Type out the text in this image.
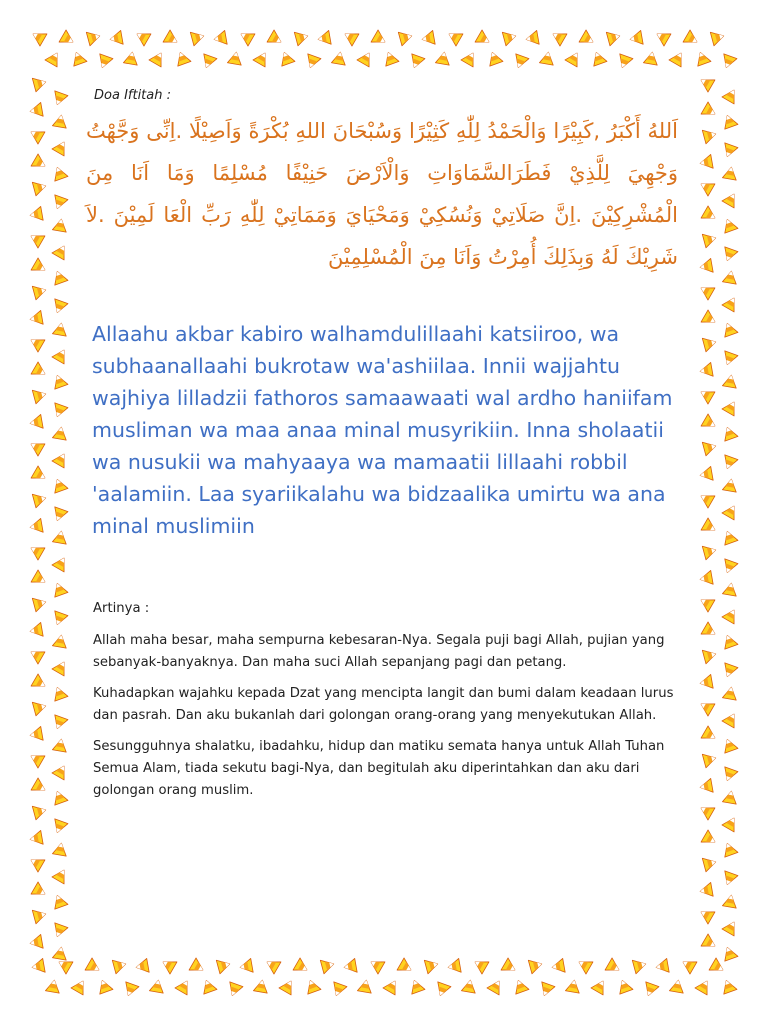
Doa Iftitah :

اَللهُ أَكْبَرُ ,كَبِيْرًا وَالْحَمْدُ لِلّٰهِ كَثِيْرًا وَسُبْحَانَ اللهِ بُكْرَةً وَاَصِيْلًا .اِنِّى وَجَّهْتُ وَجْهِيَ لِلَّذِيْ فَطَرَالسَّمَاوَاتِ وَالْاَرْضَ حَنِيْفًا مُسْلِمًا وَمَا اَنَا مِنَ الْمُشْرِكِيْنَ .اِنَّ صَلَاتِيْ وَنُسُكِيْ وَمَحْيَايَ وَمَمَاتِيْ لِلّٰهِ رَبِّ الْعَا لَمِيْنَ .لاَ شَرِيْكَ لَهُ وَبِذَلِكَ أُمِرْتُ وَاَنَا مِنَ الْمُسْلِمِيْنَ

Allaahu akbar kabiro walhamdulillaahi katsiiroo, wa subhaanallaahi bukrotaw wa'ashiilaa. Innii wajjahtu wajhiya lilladzii fathoros samaawaati wal ardho haniifam musliman wa maa anaa minal musyrikiin. Inna sholaatii wa nusukii wa mahyaaya wa mamaatii lillaahi robbil 'aalamiin. Laa syariikalahu wa bidzaalika umirtu wa ana minal muslimiin

Artinya :

Allah maha besar, maha sempurna kebesaran-Nya. Segala puji bagi Allah, pujian yang sebanyak-banyaknya. Dan maha suci Allah sepanjang pagi dan petang.

Kuhadapkan wajahku kepada Dzat yang mencipta langit dan bumi dalam keadaan lurus dan pasrah. Dan aku bukanlah dari golongan orang-orang yang menyekutukan Allah.

Sesungguhnya shalatku, ibadahku, hidup dan matiku semata hanya untuk Allah Tuhan Semua Alam, tiada sekutu bagi-Nya, dan begitulah aku diperintahkan dan aku dari golongan orang muslim.
